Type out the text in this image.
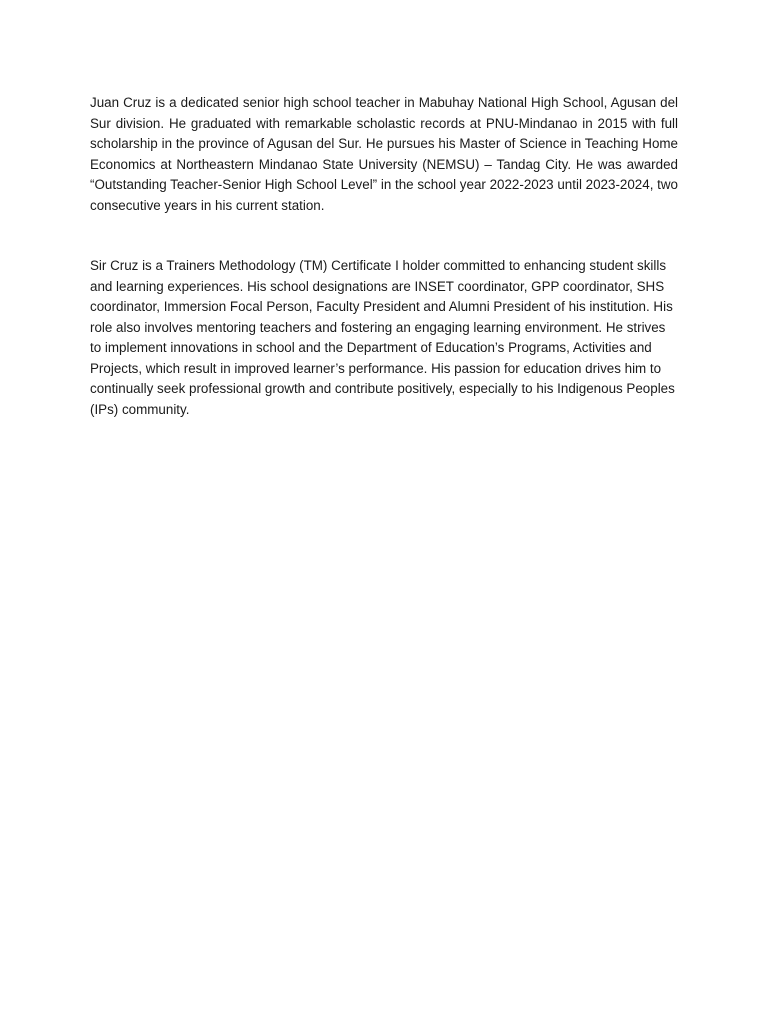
Juan Cruz is a dedicated senior high school teacher in Mabuhay National High School, Agusan del Sur division. He graduated with remarkable scholastic records at PNU-Mindanao in 2015 with full scholarship in the province of Agusan del Sur. He pursues his Master of Science in Teaching Home Economics at Northeastern Mindanao State University (NEMSU) – Tandag City. He was awarded “Outstanding Teacher-Senior High School Level” in the school year 2022-2023 until 2023-2024, two consecutive years in his current station.

Sir Cruz is a Trainers Methodology (TM) Certificate I holder committed to enhancing student skills and learning experiences. His school designations are INSET coordinator, GPP coordinator, SHS coordinator, Immersion Focal Person, Faculty President and Alumni President of his institution. His role also involves mentoring teachers and fostering an engaging learning environment. He strives to implement innovations in school and the Department of Education’s Programs, Activities and Projects, which result in improved learner’s performance. His passion for education drives him to continually seek professional growth and contribute positively, especially to his Indigenous Peoples (IPs) community.
